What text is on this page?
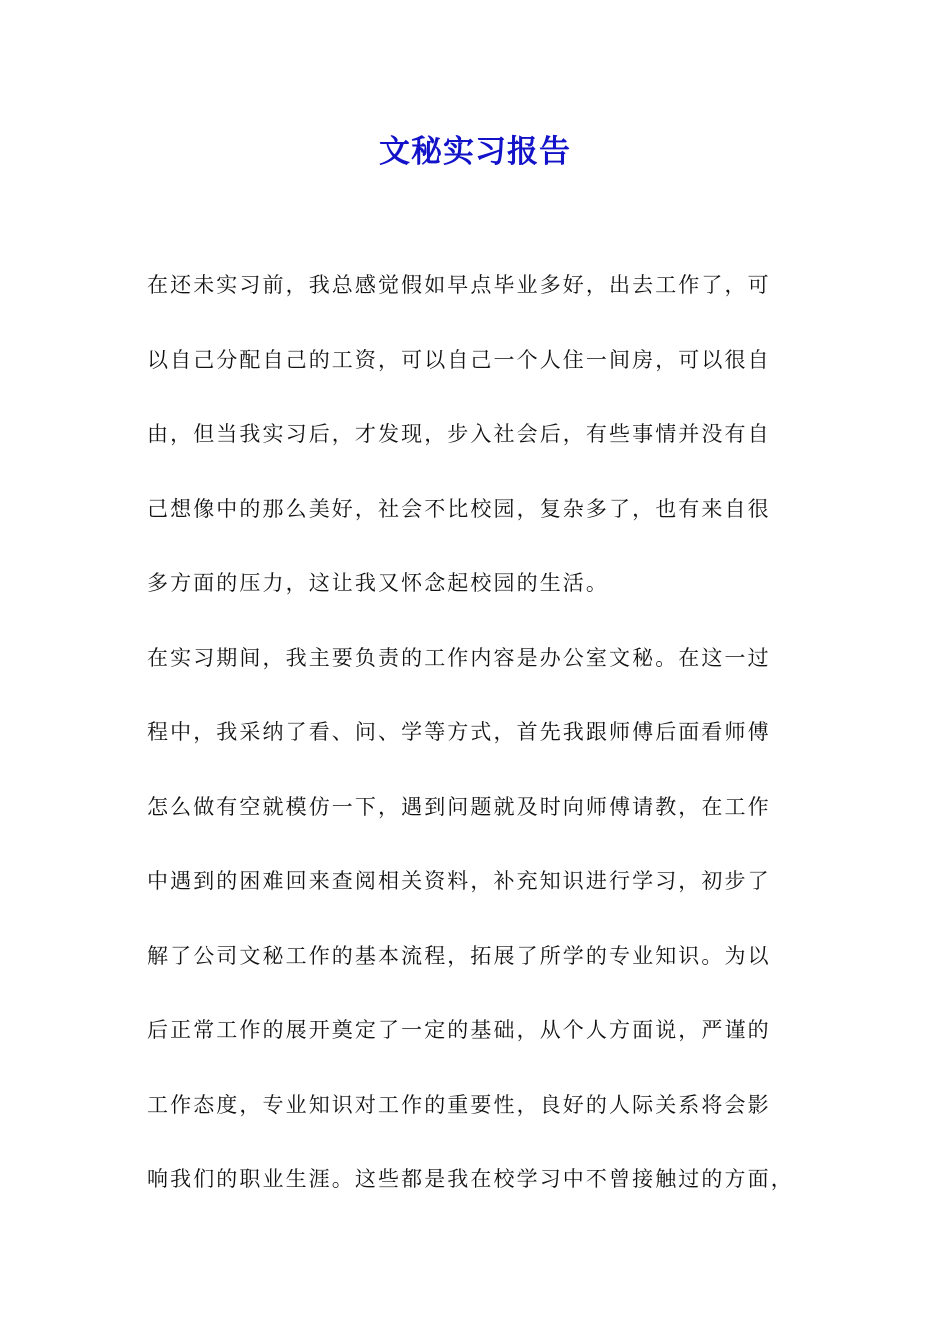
文秘实习报告
在还未实习前，我总感觉假如早点毕业多好，出去工作了，可
以自己分配自己的工资，可以自己一个人住一间房，可以很自
由，但当我实习后，才发现，步入社会后，有些事情并没有自
己想像中的那么美好，社会不比校园，复杂多了，也有来自很
多方面的压力，这让我又怀念起校园的生活。
在实习期间，我主要负责的工作内容是办公室文秘。在这一过
程中，我采纳了看、问、学等方式，首先我跟师傅后面看师傅
怎么做有空就模仿一下，遇到问题就及时向师傅请教，在工作
中遇到的困难回来查阅相关资料，补充知识进行学习，初步了
解了公司文秘工作的基本流程，拓展了所学的专业知识。为以
后正常工作的展开奠定了一定的基础，从个人方面说，严谨的
工作态度，专业知识对工作的重要性，良好的人际关系将会影
响我们的职业生涯。这些都是我在校学习中不曾接触过的方面，
